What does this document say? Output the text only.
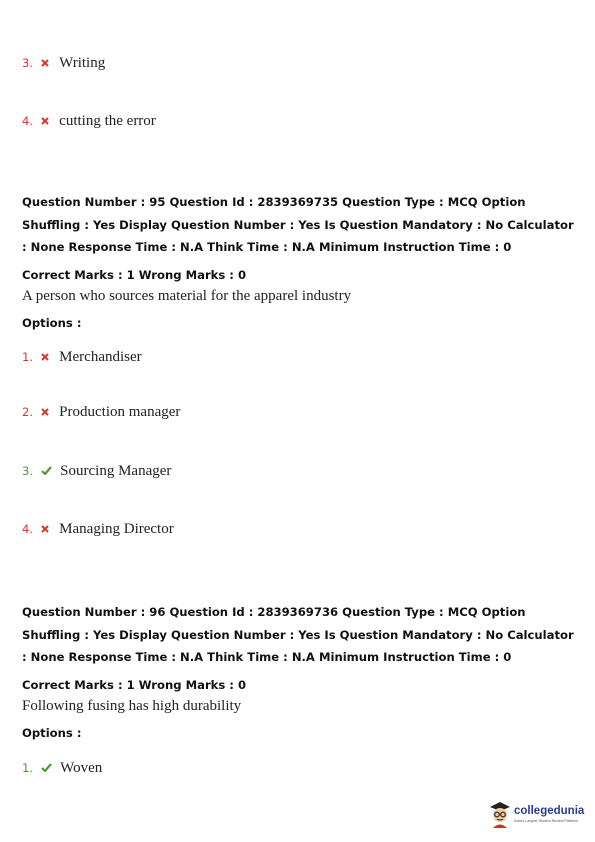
3. Writing
4. cutting the error
Question Number : 95 Question Id : 2839369735 Question Type : MCQ Option Shuffling : Yes Display Question Number : Yes Is Question Mandatory : No Calculator : None Response Time : N.A Think Time : N.A Minimum Instruction Time : 0
Correct Marks : 1 Wrong Marks : 0
A person who sources material for the apparel industry
Options :
1. Merchandiser
2. Production manager
3. Sourcing Manager
4. Managing Director
Question Number : 96 Question Id : 2839369736 Question Type : MCQ Option Shuffling : Yes Display Question Number : Yes Is Question Mandatory : No Calculator : None Response Time : N.A Think Time : N.A Minimum Instruction Time : 0
Correct Marks : 1 Wrong Marks : 0
Following fusing has high durability
Options :
1. Woven
collegedunia
India's Largest Student Review Platform
